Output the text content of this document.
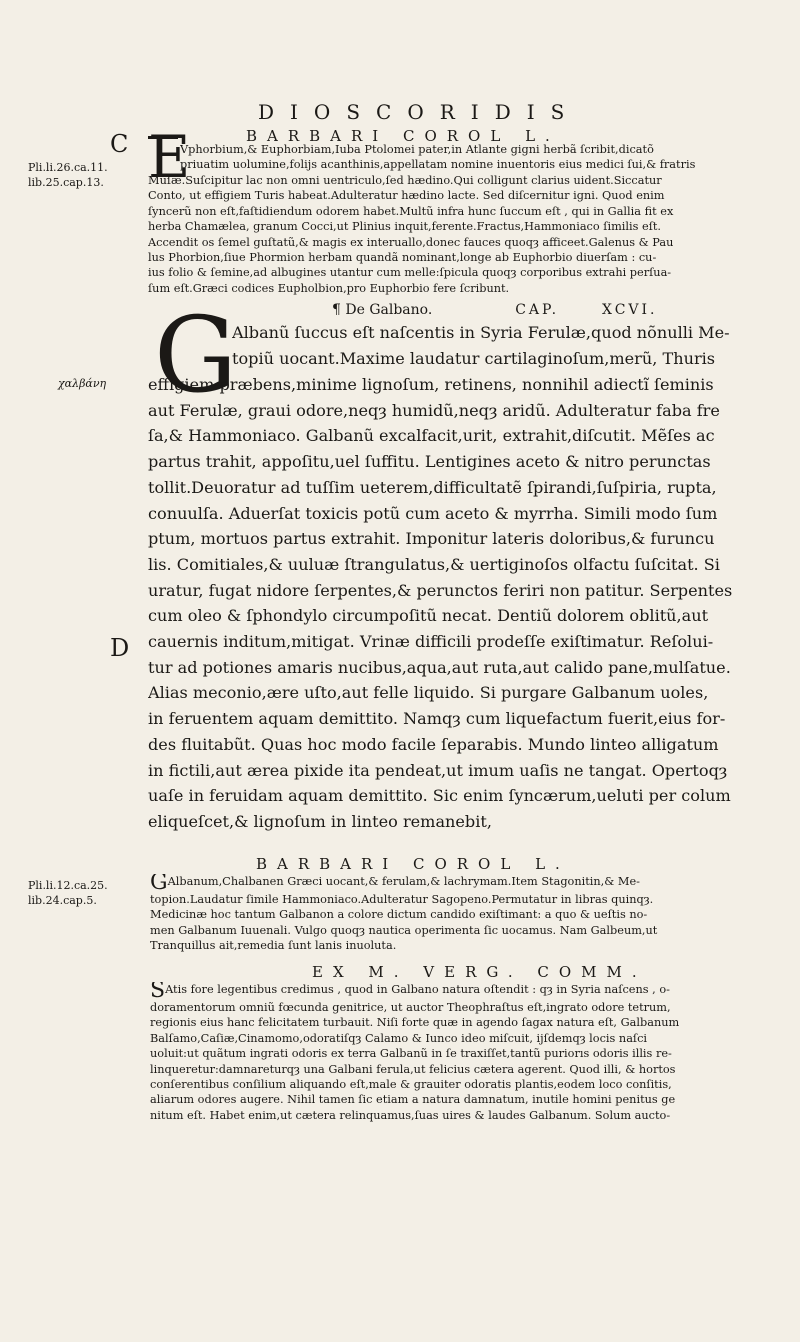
DIOSCORIDIS
C
Pli.li.26.ca.11.
lib.25.cap.13.
χαλβάνη
D
Pli.li.12.ca.25.
lib.24.cap.5.
BARBARI COROL L.
E
Vphorbium,& Euphorbiam,Iuba Ptolomei pater,in Atlante gigni herbã ſcribit,dicatõ
priuatim uolumine,folijs acanthinis,appellatam nomine inuentoris eius medici ſui,& fratris
Muſæ.Suſcipitur lac non omni uentriculo,ſed hædino.Qui colligunt clarius uident.Siccatur
Conto, ut effigiem Turis habeat.Adulteratur hædino lacte. Sed diſcernitur igni. Quod enim
ſyncerũ non eſt,faſtidiendum odorem habet.Multũ infra hunc ſuccum eſt , qui in Gallia fit ex
herba Chamælea, granum Cocci,ut Plinius inquit,ferente.Fractus,Hammoniaco ſimilis eſt.
Accendit os ſemel guſtatũ,& magis ex interuallo,donec fauces quoqȝ afficeet.Galenus & Pau
lus Phorbion,ſiue Phormion herbam quandã nominant,longe ab Euphorbio diuerſam : cu-
ius folio & ſemine,ad albugines utantur cum melle:ſpicula quoqȝ corporibus extrahi perſua-
ſum eſt.Græci codices Eupholbion,pro Euphorbio fere ſcribunt.
¶ De Galbano.	CAP.	XCVI.
G
Albanũ ſuccus eſt naſcentis in Syria Ferulæ,quod nõnulli Me-
topiũ uocant.Maxime laudatur cartilaginoſum,merũ, Thuris
effigiem præbens,minime lignoſum, retinens, nonnihil adiectĩ ſeminis
aut Ferulæ, graui odore,neqȝ humidũ,neqȝ aridũ. Adulteratur faba fre
ſa,& Hammoniaco. Galbanũ excalfacit,urit, extrahit,diſcutit. Mẽſes ac
partus trahit, appoſitu,uel ſuffitu. Lentigines aceto & nitro perunctas
tollit.Deuoratur ad tuſſim ueterem,difficultatẽ ſpirandi,ſuſpiria, rupta,
conuulſa. Aduerſat toxicis potũ cum aceto & myrrha. Simili modo ſum
ptum, mortuos partus extrahit. Imponitur lateris doloribus,& furuncu
lis. Comitiales,& uuluæ ſtrangulatus,& uertiginoſos olfactu ſuſcitat. Si
uratur, fugat nidore ſerpentes,& perunctos feriri non patitur. Serpentes
cum oleo & ſphondylo circumpoſitũ necat. Dentiũ dolorem oblitũ,aut
cauernis inditum,mitigat. Vrinæ difficili prodeſſe exiſtimatur. Reſolui-
tur ad potiones amaris nucibus,aqua,aut ruta,aut calido pane,mulſatue.
Alias meconio,ære uſto,aut felle liquido. Si purgare Galbanum uoles,
in feruentem aquam demittito. Namqȝ cum liquefactum fuerit,eius for-
des fluitabũt. Quas hoc modo facile ſeparabis. Mundo linteo alligatum
in fictili,aut ærea pixide ita pendeat,ut imum uaſis ne tangat. Opertoqȝ
uaſe in feruidam aquam demittito. Sic enim ſyncærum,ueluti per colum
eliqueſcet,& lignoſum in linteo remanebit,
BARBARI COROL L.
GAlbanum,Chalbanen Græci uocant,& ferulam,& lachrymam.Item Stagonitin,& Me-
topion.Laudatur ſimile Hammoniaco.Adulteratur Sagopeno.Permutatur in libras quinqȝ.
Medicinæ hoc tantum Galbanon a colore dictum candido exiſtimant: a quo & ueſtis no-
men Galbanum Iuuenali. Vulgo quoqȝ nautica operimenta ſic uocamus. Nam Galbeum,ut
Tranquillus ait,remedia ſunt lanis inuoluta.
EX M. VERG. COMM.
SAtis fore legentibus credimus , quod in Galbano natura oſtendit : qȝ in Syria naſcens , o-
doramentorum omniũ fœcunda genitrice, ut auctor Theophraſtus eſt,ingrato odore tetrum,
regionis eius hanc felicitatem turbauit. Niſi forte quæ in agendo ſagax natura eſt, Galbanum
Balſamo,Caſiæ,Cinamomo,odoratiſqȝ Calamo & Iunco ideo miſcuit, ijſdemqȝ locis naſci
uoluit:ut quãtum ingrati odoris ex terra Galbanũ in ſe traxiſſet,tantũ puriorıs odoris illis re-
linqueretur:damnareturqȝ una Galbani ferula,ut felicius cætera agerent. Quod illi, & hortos
conſerentibus conſilium aliquando eſt,male & grauiter odoratis plantis,eodem loco conſitis,
aliarum odores augere. Nihil tamen ſic etiam a natura damnatum, inutile homini penitus ge
nitum eſt. Habet enim,ut cætera relinquamus,ſuas uires & laudes Galbanum. Solum aucto-
